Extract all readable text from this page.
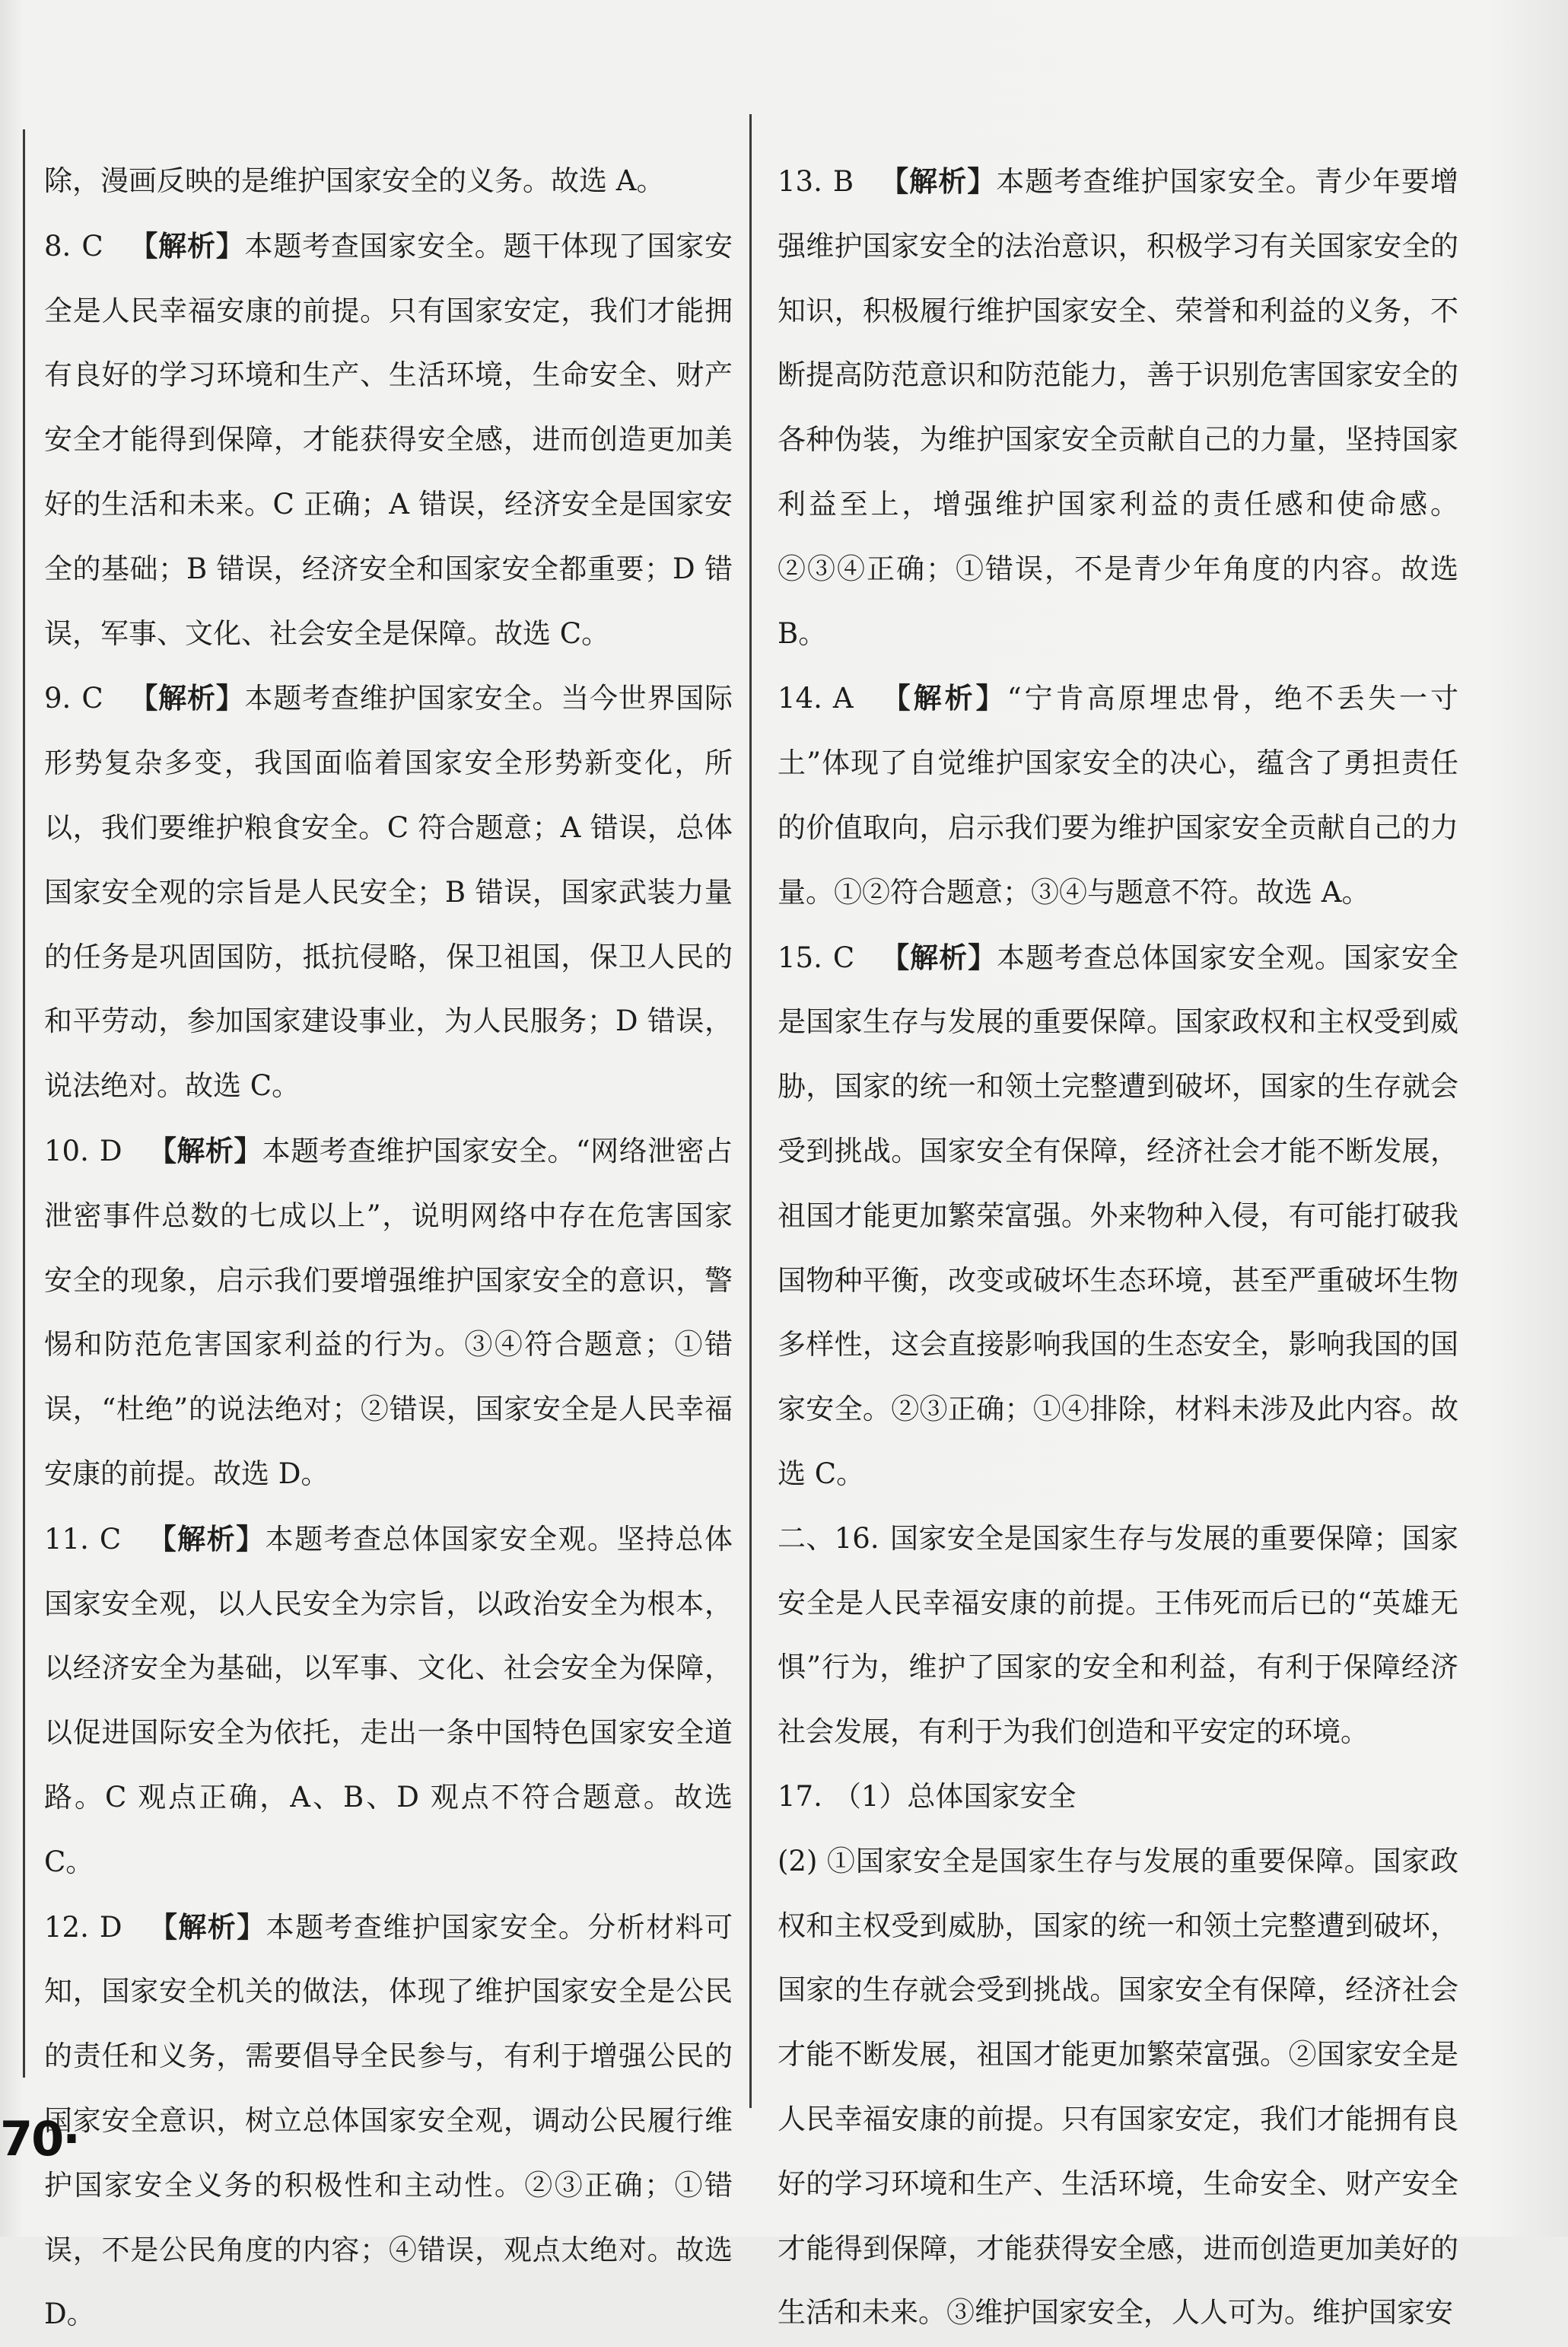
除，漫画反映的是维护国家安全的义务。故选 A。

8. C 【解析】本题考查国家安全。题干体现了国家安全是人民幸福安康的前提。只有国家安定，我们才能拥有良好的学习环境和生产、生活环境，生命安全、财产安全才能得到保障，才能获得安全感，进而创造更加美好的生活和未来。C 正确；A 错误，经济安全是国家安全的基础；B 错误，经济安全和国家安全都重要；D 错误，军事、文化、社会安全是保障。故选 C。

9. C 【解析】本题考查维护国家安全。当今世界国际形势复杂多变，我国面临着国家安全形势新变化，所以，我们要维护粮食安全。C 符合题意；A 错误，总体国家安全观的宗旨是人民安全；B 错误，国家武装力量的任务是巩固国防，抵抗侵略，保卫祖国，保卫人民的和平劳动，参加国家建设事业，为人民服务；D 错误，说法绝对。故选 C。

10. D 【解析】本题考查维护国家安全。“网络泄密占泄密事件总数的七成以上”，说明网络中存在危害国家安全的现象，启示我们要增强维护国家安全的意识，警惕和防范危害国家利益的行为。③④符合题意；①错误，“杜绝”的说法绝对；②错误，国家安全是人民幸福安康的前提。故选 D。

11. C 【解析】本题考查总体国家安全观。坚持总体国家安全观，以人民安全为宗旨，以政治安全为根本，以经济安全为基础，以军事、文化、社会安全为保障，以促进国际安全为依托，走出一条中国特色国家安全道路。C 观点正确，A、B、D 观点不符合题意。故选 C。

12. D 【解析】本题考查维护国家安全。分析材料可知，国家安全机关的做法，体现了维护国家安全是公民的责任和义务，需要倡导全民参与，有利于增强公民的国家安全意识，树立总体国家安全观，调动公民履行维护国家安全义务的积极性和主动性。②③正确；①错误，不是公民角度的内容；④错误，观点太绝对。故选 D。

13. B 【解析】本题考查维护国家安全。青少年要增强维护国家安全的法治意识，积极学习有关国家安全的知识，积极履行维护国家安全、荣誉和利益的义务，不断提高防范意识和防范能力，善于识别危害国家安全的各种伪装，为维护国家安全贡献自己的力量，坚持国家利益至上，增强维护国家利益的责任感和使命感。②③④正确；①错误，不是青少年角度的内容。故选 B。

14. A 【解析】“宁肯高原埋忠骨，绝不丢失一寸土”体现了自觉维护国家安全的决心，蕴含了勇担责任的价值取向，启示我们要为维护国家安全贡献自己的力量。①②符合题意；③④与题意不符。故选 A。

15. C 【解析】本题考查总体国家安全观。国家安全是国家生存与发展的重要保障。国家政权和主权受到威胁，国家的统一和领土完整遭到破坏，国家的生存就会受到挑战。国家安全有保障，经济社会才能不断发展，祖国才能更加繁荣富强。外来物种入侵，有可能打破我国物种平衡，改变或破坏生态环境，甚至严重破坏生物多样性，这会直接影响我国的生态安全，影响我国的国家安全。②③正确；①④排除，材料未涉及此内容。故选 C。

二、16. 国家安全是国家生存与发展的重要保障；国家安全是人民幸福安康的前提。王伟死而后已的“英雄无惧”行为，维护了国家的安全和利益，有利于保障经济社会发展，有利于为我们创造和平安定的环境。

17. （1）总体国家安全

(2) ①国家安全是国家生存与发展的重要保障。国家政权和主权受到威胁，国家的统一和领土完整遭到破坏，国家的生存就会受到挑战。国家安全有保障，经济社会才能不断发展，祖国才能更加繁荣富强。②国家安全是人民幸福安康的前提。只有国家安定，我们才能拥有良好的学习环境和生产、生活环境，生命安全、财产安全才能得到保障，才能获得安全感，进而创造更加美好的生活和未来。③维护国家安全，人人可为。维护国家安

70·
